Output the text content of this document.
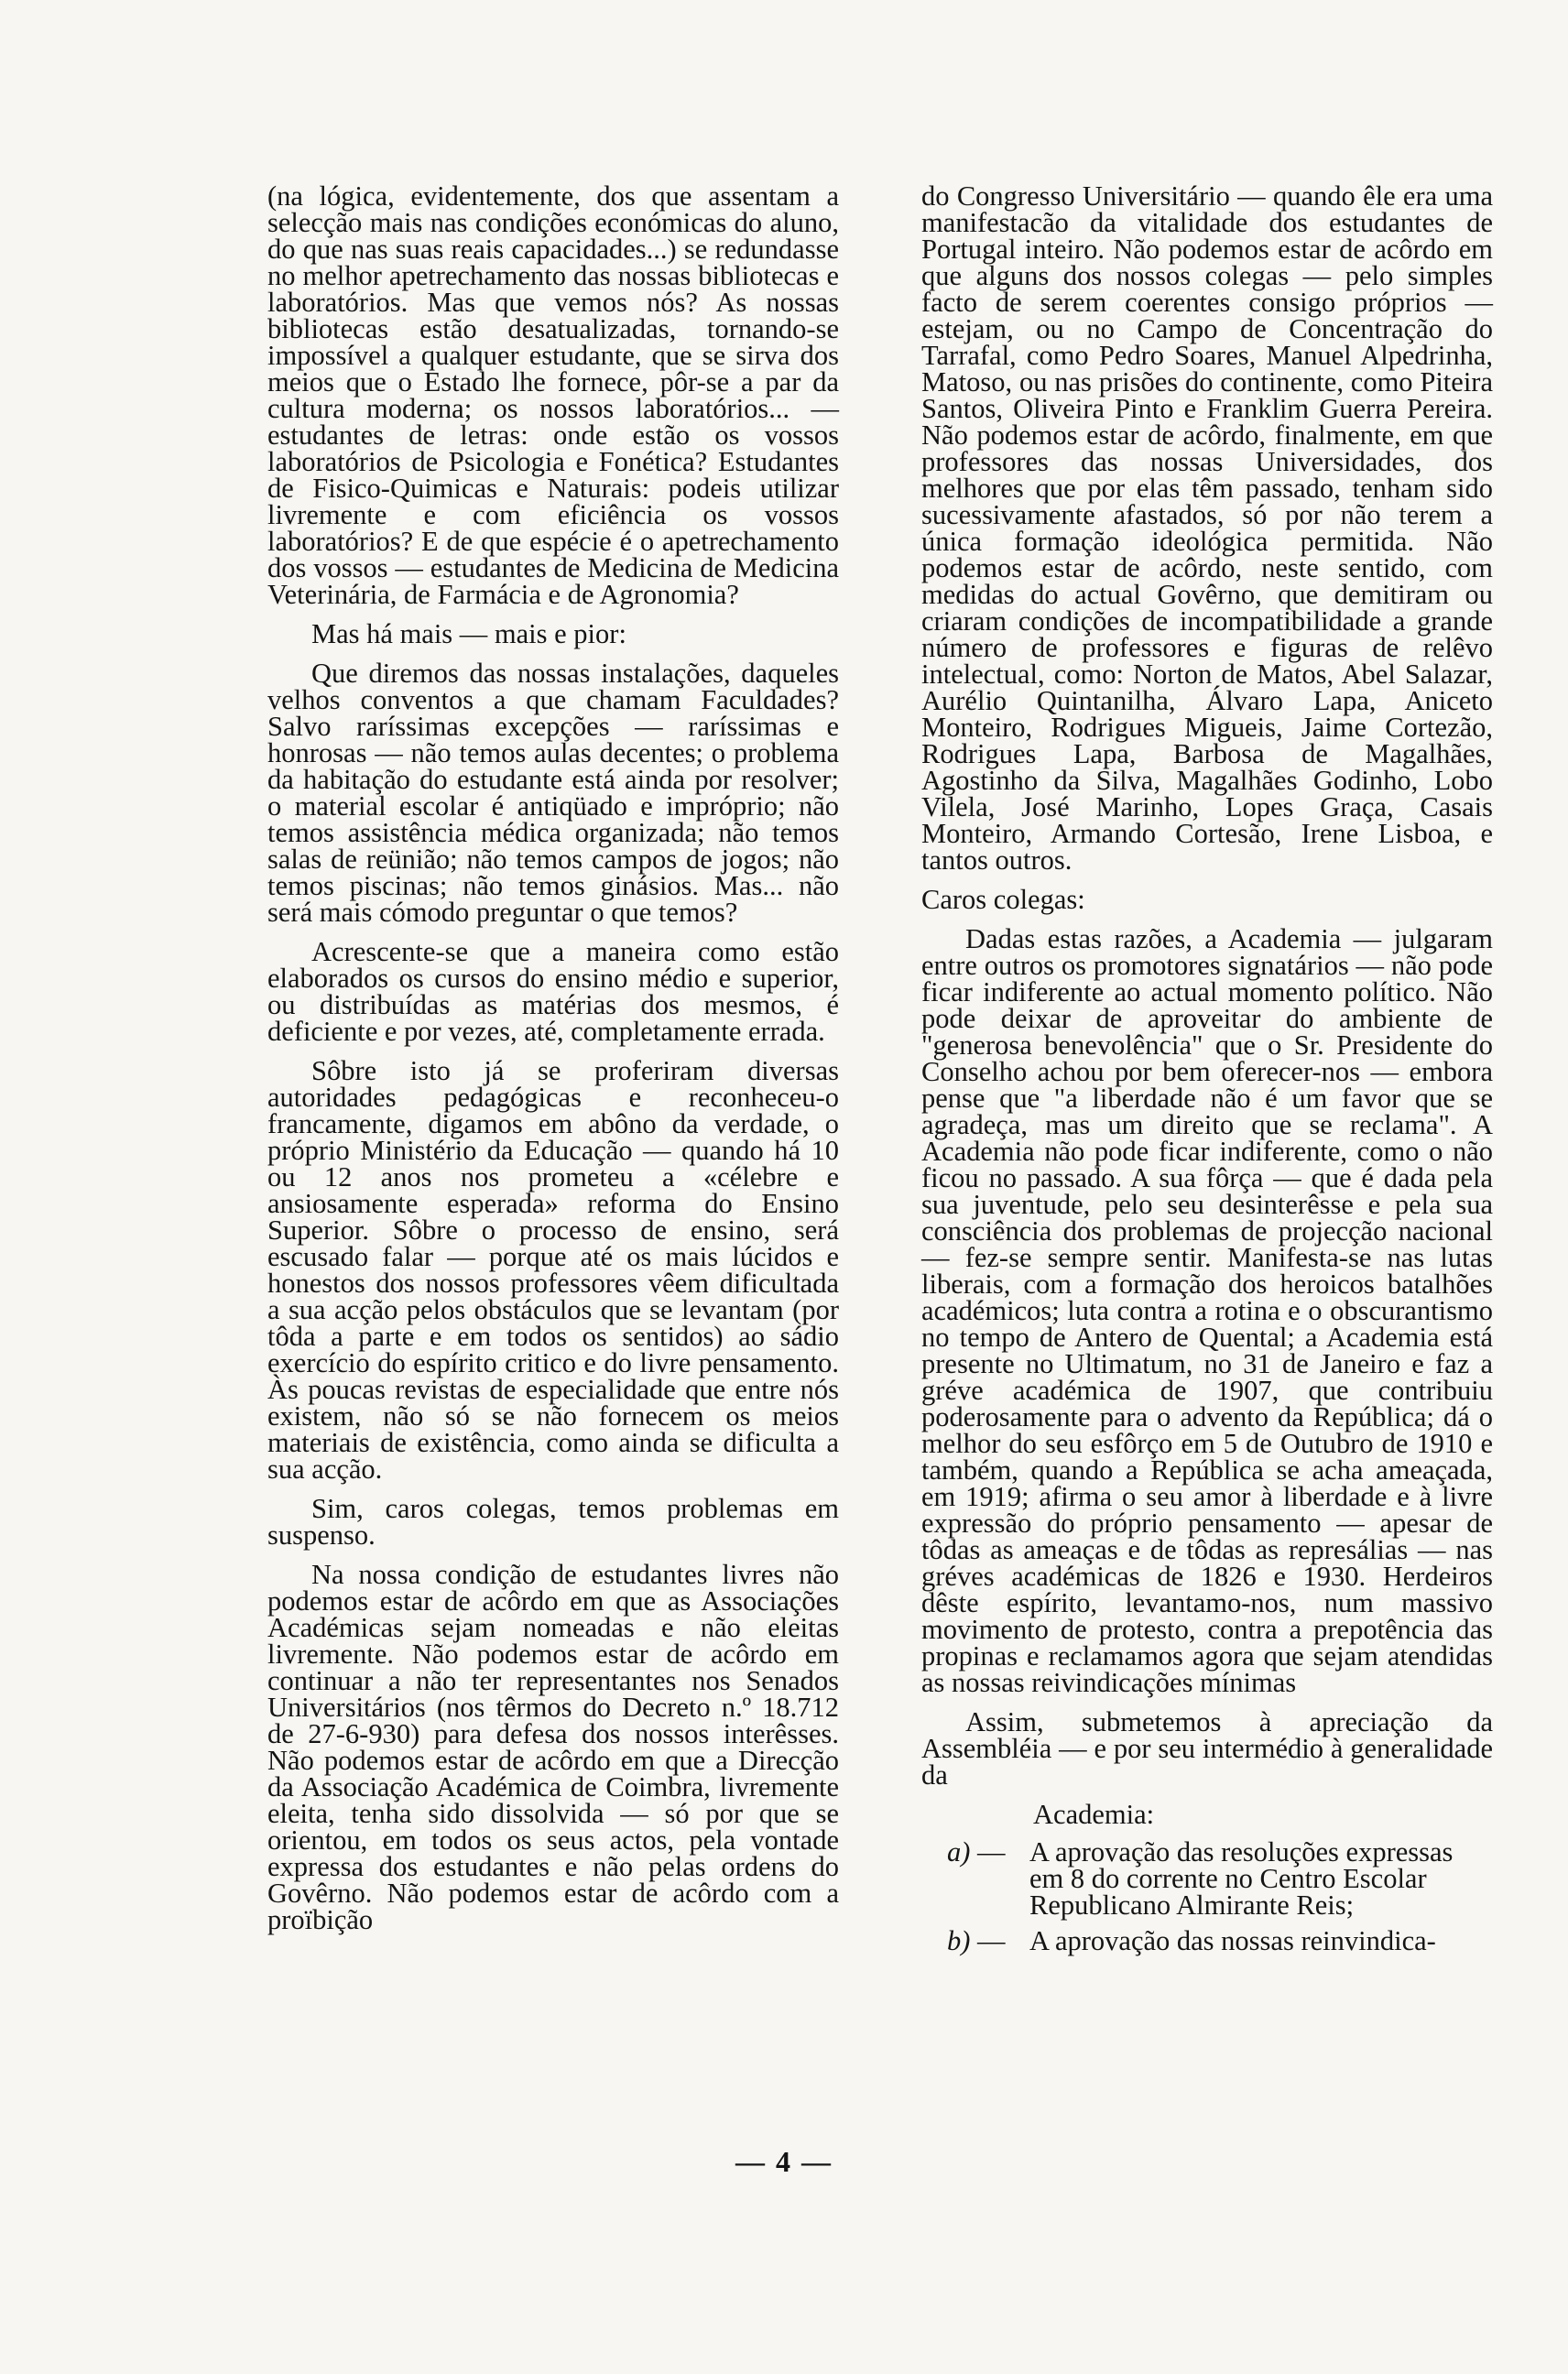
(na lógica, evidentemente, dos que assentam a selecção mais nas condições económicas do aluno, do que nas suas reais capacidades...) se redundasse no melhor apetrechamento das nossas bibliotecas e laboratórios. Mas que vemos nós? As nossas bibliotecas estão desatualizadas, tornando-se impossível a qualquer estudante, que se sirva dos meios que o Estado lhe fornece, pôr-se a par da cultura moderna; os nossos laboratórios... — estudantes de letras: onde estão os vossos laboratórios de Psicologia e Fonética? Estudantes de Fisico-Quimicas e Naturais: podeis utilizar livremente e com eficiência os vossos laboratórios? E de que espécie é o apetrechamento dos vossos — estudantes de Medicina de Medicina Veterinária, de Farmácia e de Agronomia?

Mas há mais — mais e pior:

Que diremos das nossas instalações, daqueles velhos conventos a que chamam Faculdades? Salvo raríssimas excepções — raríssimas e honrosas — não temos aulas decentes; o problema da habitação do estudante está ainda por resolver; o material escolar é antiqüado e impróprio; não temos assistência médica organizada; não temos salas de reünião; não temos campos de jogos; não temos piscinas; não temos ginásios. Mas... não será mais cómodo preguntar o que temos?

Acrescente-se que a maneira como estão elaborados os cursos do ensino médio e superior, ou distribuídas as matérias dos mesmos, é deficiente e por vezes, até, completamente errada.

Sôbre isto já se proferiram diversas autoridades pedagógicas e reconheceu-o francamente, digamos em abôno da verdade, o próprio Ministério da Educação — quando há 10 ou 12 anos nos prometeu a «célebre e ansiosamente esperada» reforma do Ensino Superior. Sôbre o processo de ensino, será escusado falar — porque até os mais lúcidos e honestos dos nossos professores vêem dificultada a sua acção pelos obstáculos que se levantam (por tôda a parte e em todos os sentidos) ao sádio exercício do espírito critico e do livre pensamento. Às poucas revistas de especialidade que entre nós existem, não só se não fornecem os meios materiais de existência, como ainda se dificulta a sua acção.

Sim, caros colegas, temos problemas em suspenso.

Na nossa condição de estudantes livres não podemos estar de acôrdo em que as Associações Académicas sejam nomeadas e não eleitas livremente. Não podemos estar de acôrdo em continuar a não ter representantes nos Senados Universitários (nos têrmos do Decreto n.º 18.712 de 27-6-930) para defesa dos nossos interêsses. Não podemos estar de acôrdo em que a Direcção da Associação Académica de Coimbra, livremente eleita, tenha sido dissolvida — só por que se orientou, em todos os seus actos, pela vontade expressa dos estudantes e não pelas ordens do Govêrno. Não podemos estar de acôrdo com a proïbição

do Congresso Universitário — quando êle era uma manifestacão da vitalidade dos estudantes de Portugal inteiro. Não podemos estar de acôrdo em que alguns dos nossos colegas — pelo simples facto de serem coerentes consigo próprios — estejam, ou no Campo de Concentração do Tarrafal, como Pedro Soares, Manuel Alpedrinha, Matoso, ou nas prisões do continente, como Piteira Santos, Oliveira Pinto e Franklim Guerra Pereira. Não podemos estar de acôrdo, finalmente, em que professores das nossas Universidades, dos melhores que por elas têm passado, tenham sido sucessivamente afastados, só por não terem a única formação ideológica permitida. Não podemos estar de acôrdo, neste sentido, com medidas do actual Govêrno, que demitiram ou criaram condições de incompatibilidade a grande número de professores e figuras de relêvo intelectual, como: Norton de Matos, Abel Salazar, Aurélio Quintanilha, Álvaro Lapa, Aniceto Monteiro, Rodrigues Migueis, Jaime Cortezão, Rodrigues Lapa, Barbosa de Magalhães, Agostinho da Silva, Magalhães Godinho, Lobo Vilela, José Marinho, Lopes Graça, Casais Monteiro, Armando Cortesão, Irene Lisboa, e tantos outros.

Caros colegas:

Dadas estas razões, a Academia — julgaram entre outros os promotores signatários — não pode ficar indiferente ao actual momento político. Não pode deixar de aproveitar do ambiente de "generosa benevolência" que o Sr. Presidente do Conselho achou por bem oferecer-nos — embora pense que "a liberdade não é um favor que se agradeça, mas um direito que se reclama". A Academia não pode ficar indiferente, como o não ficou no passado. A sua fôrça — que é dada pela sua juventude, pelo seu desinterêsse e pela sua consciência dos problemas de projecção nacional — fez-se sempre sentir. Manifesta-se nas lutas liberais, com a formação dos heroicos batalhões académicos; luta contra a rotina e o obscurantismo no tempo de Antero de Quental; a Academia está presente no Ultimatum, no 31 de Janeiro e faz a gréve académica de 1907, que contribuiu poderosamente para o advento da República; dá o melhor do seu esfôrço em 5 de Outubro de 1910 e também, quando a República se acha ameaçada, em 1919; afirma o seu amor à liberdade e à livre expressão do próprio pensamento — apesar de tôdas as ameaças e de tôdas as represálias — nas gréves académicas de 1826 e 1930. Herdeiros dêste espírito, levantamo-nos, num massivo movimento de protesto, contra a prepotência das propinas e reclamamos agora que sejam atendidas as nossas reivindicações mínimas

Assim, submetemos à apreciação da Assembléia — e por seu intermédio à generalidade da

Academia:
a) — A aprovação das resoluções expressas em 8 do corrente no Centro Escolar Republicano Almirante Reis;
b) — A aprovação das nossas reinvindica-
— 4 —
